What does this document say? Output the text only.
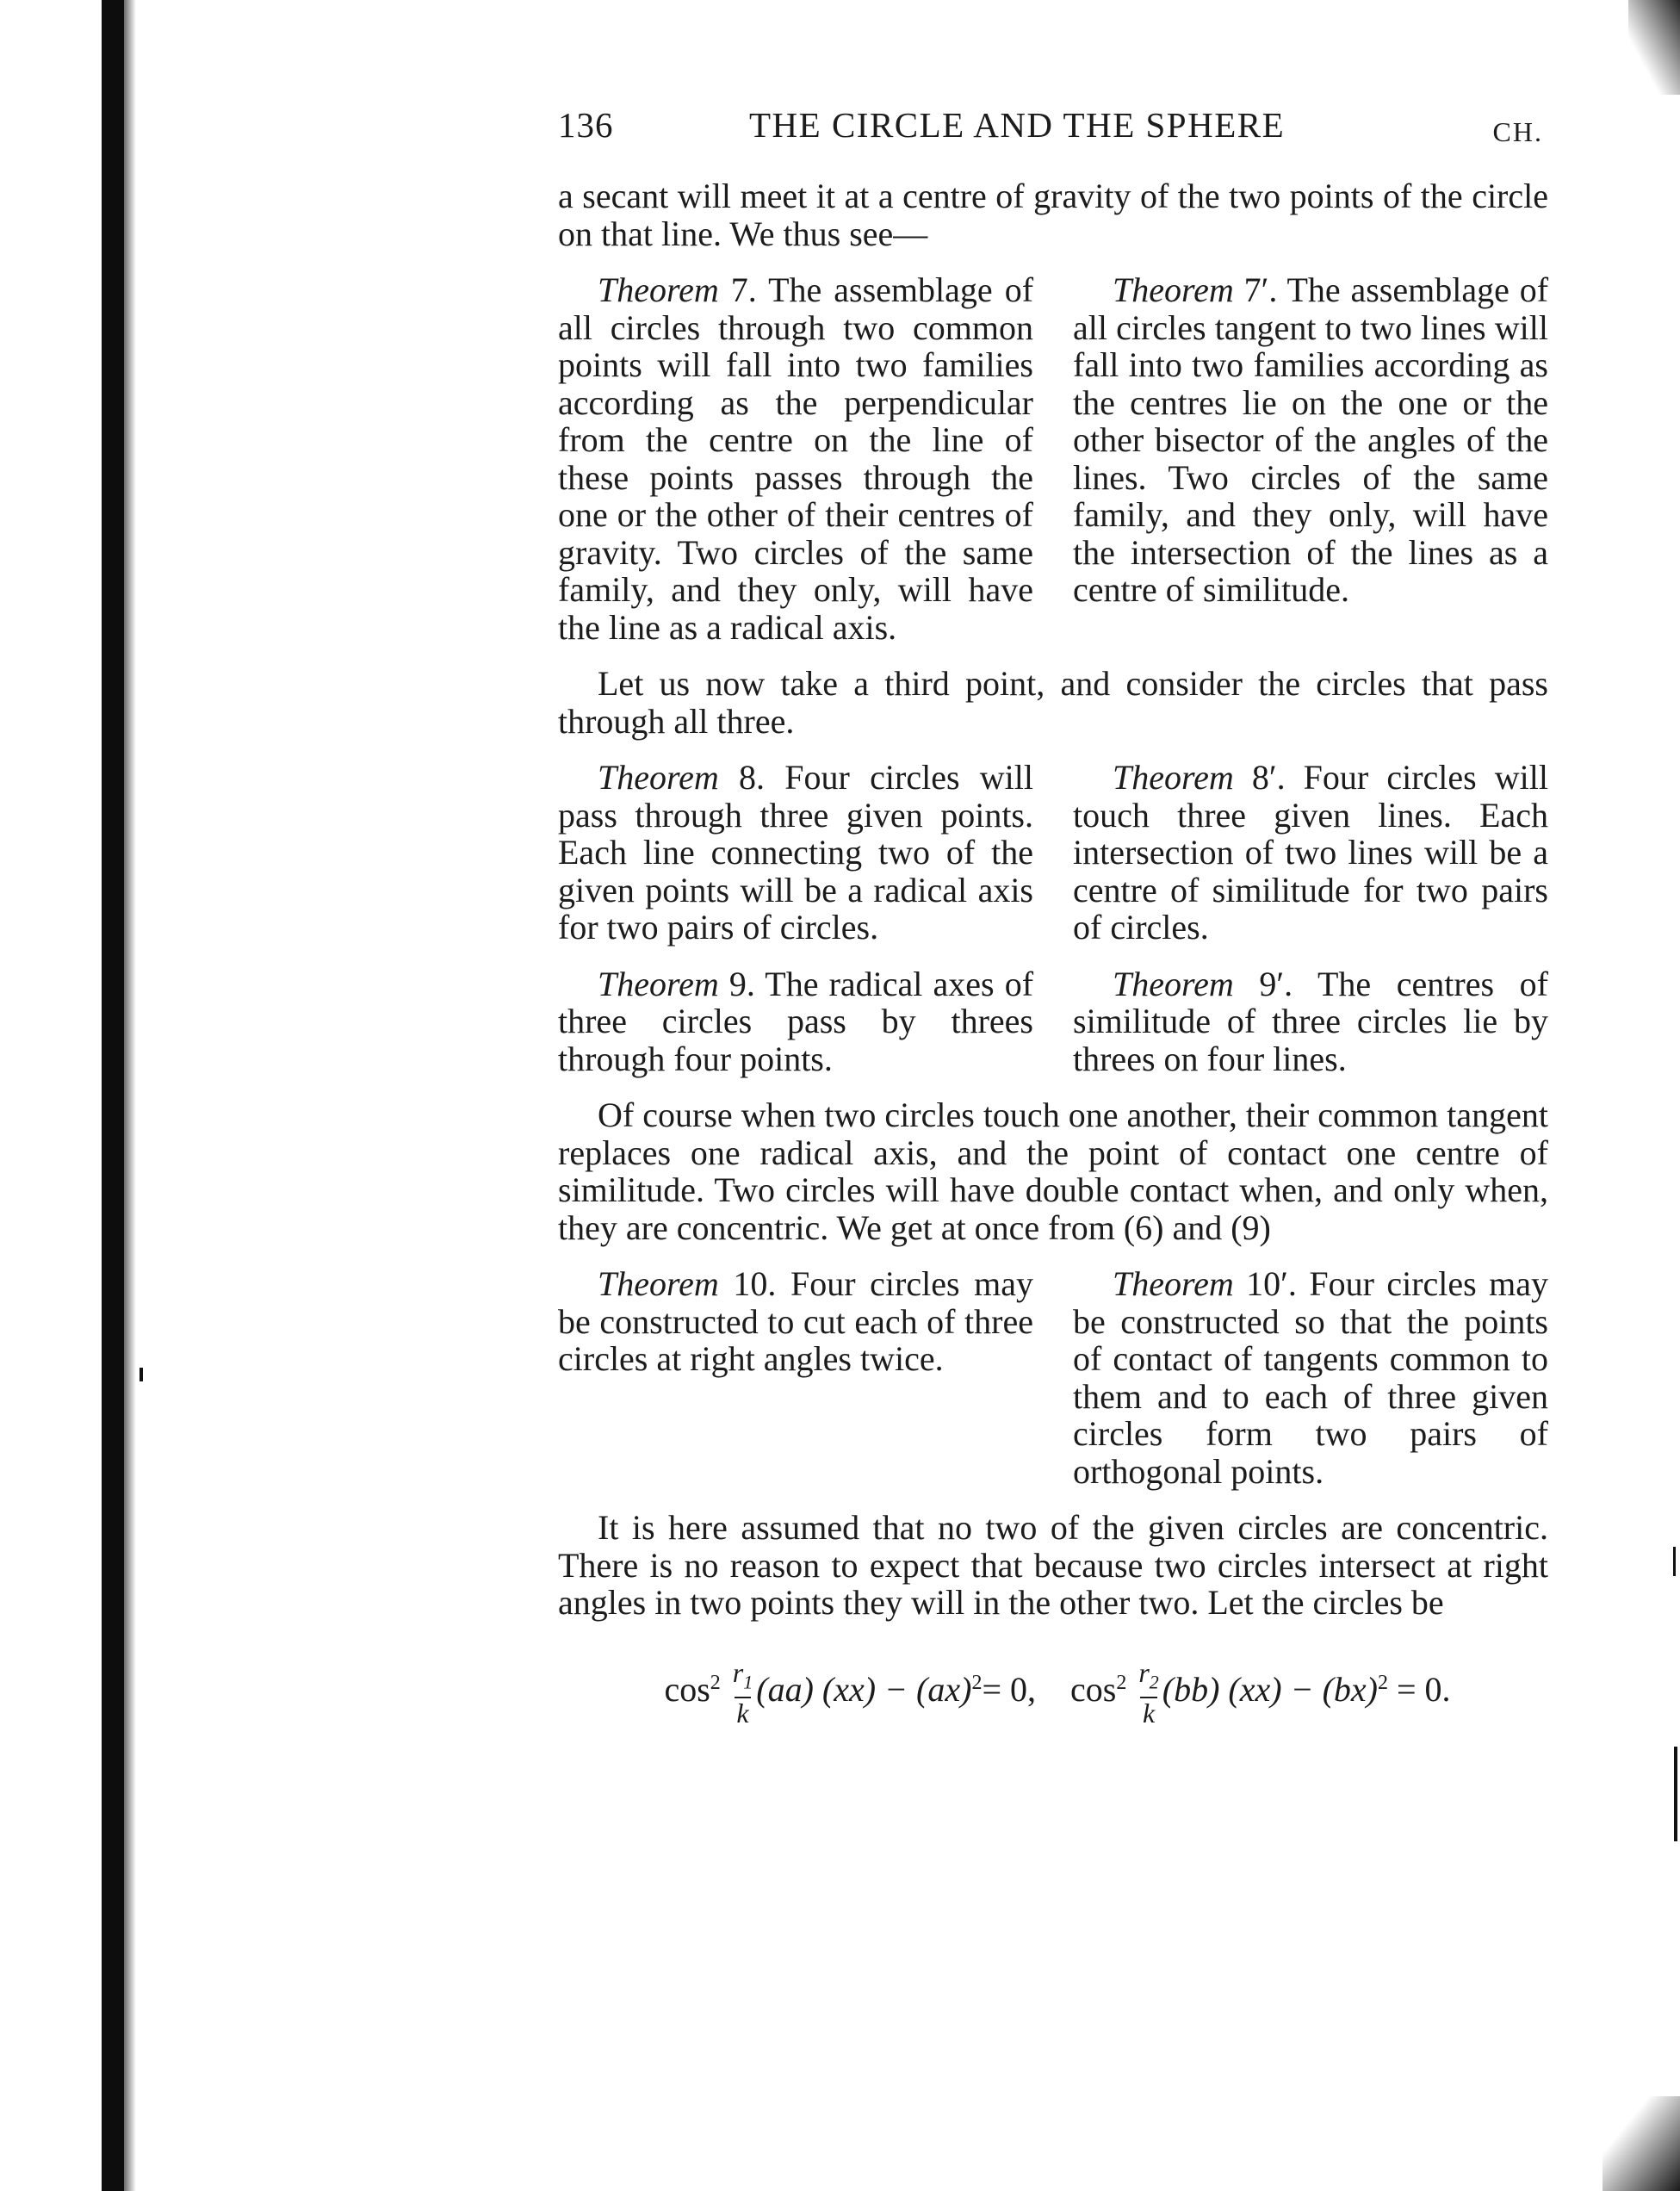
136	THE CIRCLE AND THE SPHERE	CH.

a secant will meet it at a centre of gravity of the two points of the circle on that line. We thus see—

Theorem 7. The assemblage of all circles through two common points will fall into two families according as the perpendicular from the centre on the line of these points passes through the one or the other of their centres of gravity. Two circles of the same family, and they only, will have the line as a radical axis.

Theorem 7′. The assemblage of all circles tangent to two lines will fall into two families according as the centres lie on the one or the other bisector of the angles of the lines. Two circles of the same family, and they only, will have the intersection of the lines as a centre of similitude.

Let us now take a third point, and consider the circles that pass through all three.

Theorem 8. Four circles will pass through three given points. Each line connecting two of the given points will be a radical axis for two pairs of circles.

Theorem 8′. Four circles will touch three given lines. Each intersection of two lines will be a centre of similitude for two pairs of circles.

Theorem 9. The radical axes of three circles pass by threes through four points.

Theorem 9′. The centres of similitude of three circles lie by threes on four lines.

Of course when two circles touch one another, their common tangent replaces one radical axis, and the point of contact one centre of similitude. Two circles will have double contact when, and only when, they are concentric. We get at once from (6) and (9)

Theorem 10. Four circles may be constructed to cut each of three circles at right angles twice.

Theorem 10′. Four circles may be constructed so that the points of contact of tangents common to them and to each of three given circles form two pairs of orthogonal points.

It is here assumed that no two of the given circles are concentric. There is no reason to expect that because two circles intersect at right angles in two points they will in the other two. Let the circles be

$\cos^2 \frac{r_1}{k} (aa) (xx) - (ax)^2= 0$, $\cos^2 \frac{r_2}{k} (bb) (xx) - (bx)^2 = 0$.
